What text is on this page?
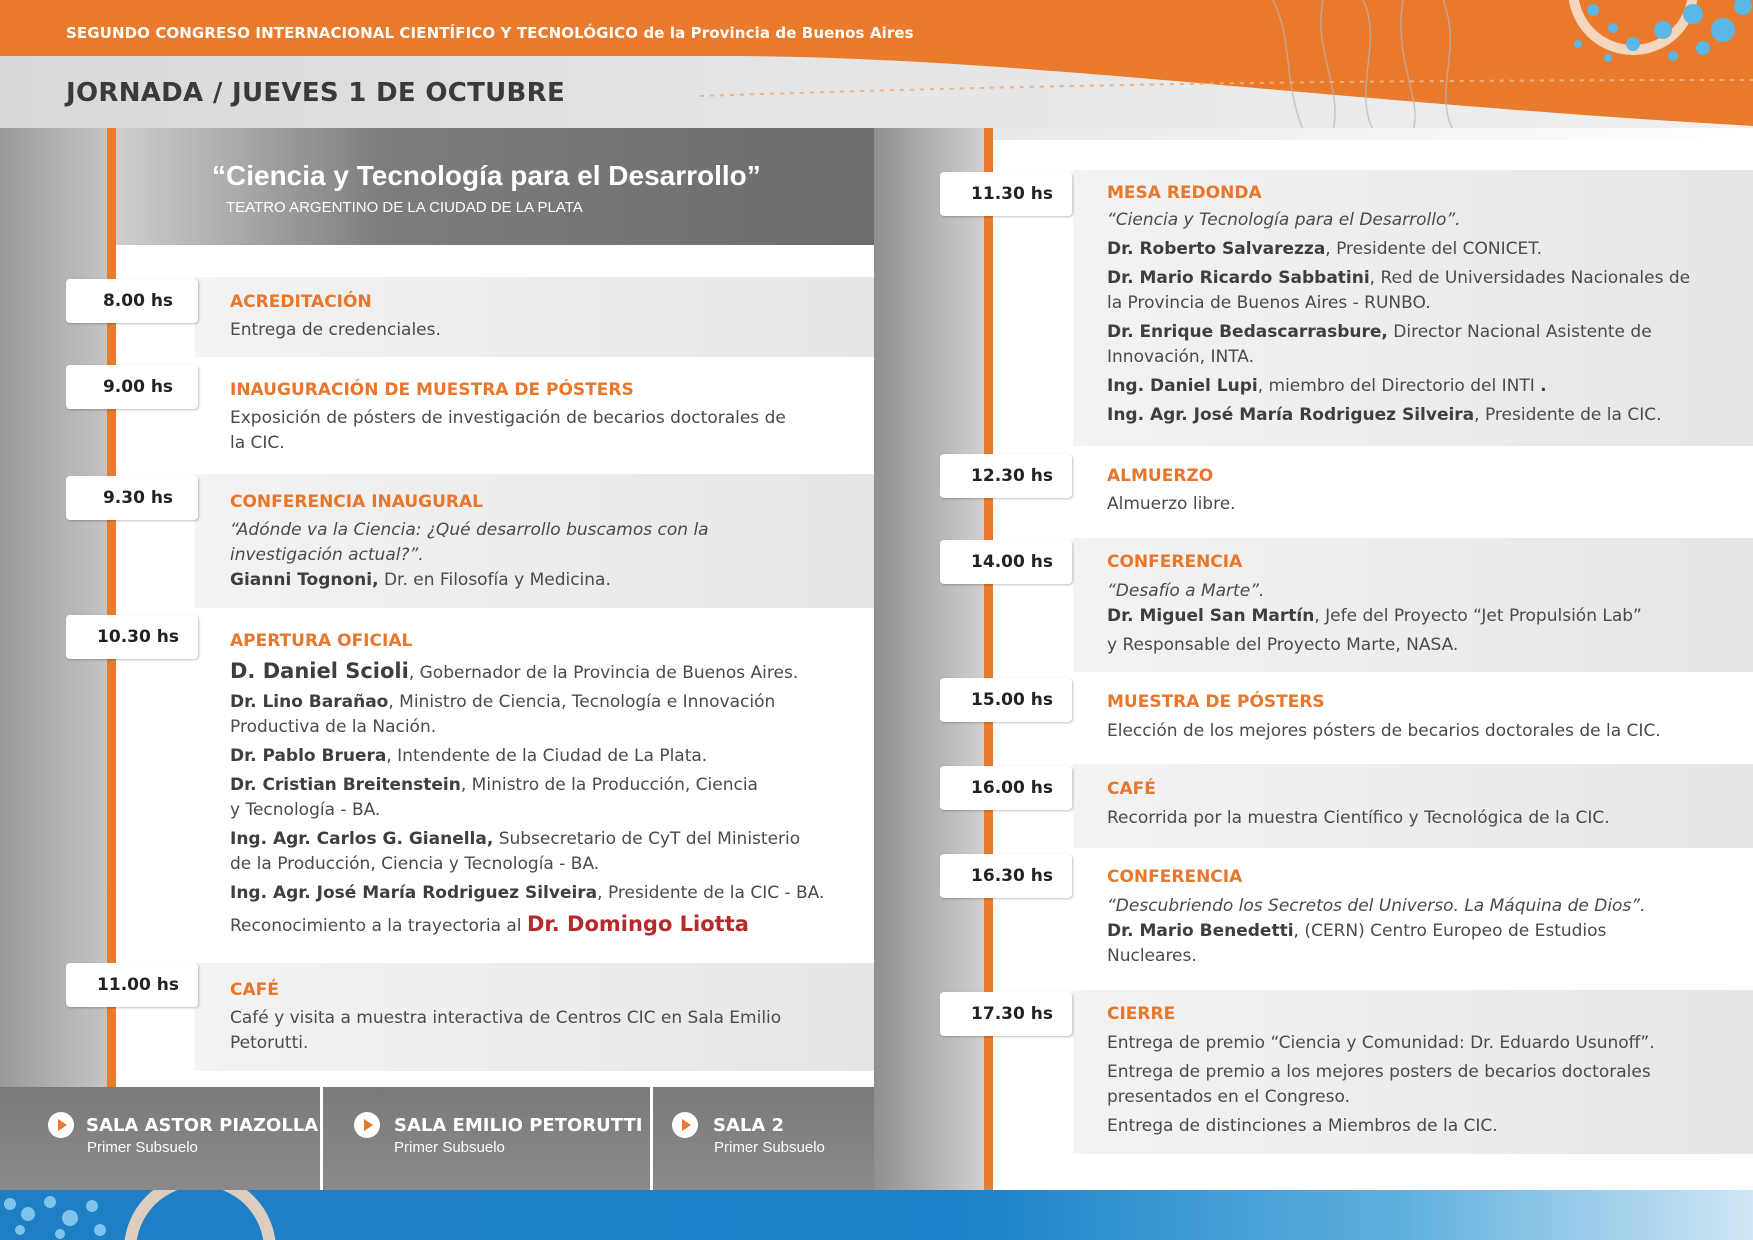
SEGUNDO CONGRESO INTERNACIONAL CIENTÍFICO Y TECNOLÓGICO de la Provincia de Buenos Aires
JORNADA / JUEVES 1 DE OCTUBRE
“Ciencia y Tecnología para el Desarrollo”
TEATRO ARGENTINO DE LA CIUDAD DE LA PLATA
8.00 hs	ACREDITACIÓN

Entrega de credenciales.

9.00 hs	INAUGURACIÓN DE MUESTRA DE PÓSTERS
Exposición de pósters de investigación de becarios doctorales de
la CIC.
9.30 hs	CONFERENCIA INAUGURAL
“Adónde va la Ciencia: ¿Qué desarrollo buscamos con la
investigación actual?”.
Gianni Tognoni, Dr. en Filosofía y Medicina.
10.30 hs	APERTURA OFICIAL

D. Daniel Scioli, Gobernador de la Provincia de Buenos Aires.

Dr. Lino Barañao, Ministro de Ciencia, Tecnología e Innovación
Productiva de la Nación.

Dr. Pablo Bruera, Intendente de la Ciudad de La Plata.

Dr. Cristian Breitenstein, Ministro de la Producción, Ciencia
y Tecnología - BA.

Ing. Agr. Carlos G. Gianella, Subsecretario de CyT del Ministerio
de la Producción, Ciencia y Tecnología - BA.

Ing. Agr. José María Rodriguez Silveira, Presidente de la CIC - BA.

Reconocimiento a la trayectoria al Dr. Domingo Liotta

11.00 hs	CAFÉ
Café y visita a muestra interactiva de Centros CIC en Sala Emilio
Petorutti.
SALA ASTOR PIAZOLLA
Primer Subsuelo
SALA EMILIO PETORUTTI
Primer Subsuelo
SALA 2
Primer Subsuelo
11.30 hs	MESA REDONDA

“Ciencia y Tecnología para el Desarrollo”.

Dr. Roberto Salvarezza, Presidente del CONICET.

Dr. Mario Ricardo Sabbatini, Red de Universidades Nacionales de
la Provincia de Buenos Aires - RUNBO.

Dr. Enrique Bedascarrasbure, Director Nacional Asistente de
Innovación, INTA.

Ing. Daniel Lupi, miembro del Directorio del INTI .

Ing. Agr. José María Rodriguez Silveira, Presidente de la CIC.

12.30 hs	ALMUERZO

Almuerzo libre.

14.00 hs	CONFERENCIA
“Desafío a Marte”.
Dr. Miguel San Martín, Jefe del Proyecto “Jet Propulsión Lab”
y Responsable del Proyecto Marte, NASA.
15.00 hs	MUESTRA DE PÓSTERS

Elección de los mejores pósters de becarios doctorales de la CIC.

16.00 hs	CAFÉ

Recorrida por la muestra Científico y Tecnológica de la CIC.

16.30 hs	CONFERENCIA
“Descubriendo los Secretos del Universo. La Máquina de Dios”.
Dr. Mario Benedetti, (CERN) Centro Europeo de Estudios
Nucleares.
17.30 hs	CIERRE

Entrega de premio “Ciencia y Comunidad: Dr. Eduardo Usunoff”.

Entrega de premio a los mejores posters de becarios doctorales

presentados en el Congreso.

Entrega de distinciones a Miembros de la CIC.
